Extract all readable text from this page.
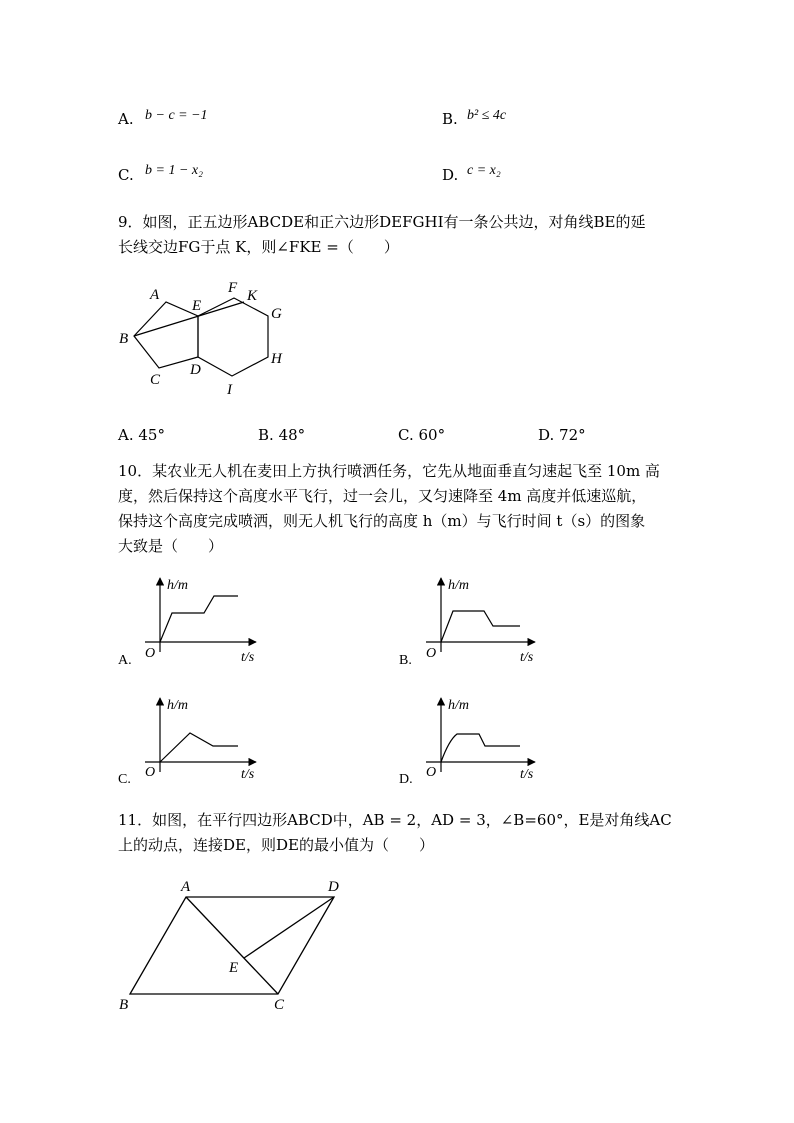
A. b − c = −1	B. b² ≤ 4c
C. b = 1 − x₂	D. c = x₂
9．如图，正五边形ABCDE和正六边形DEFGHI有一条公共边，对角线BE的延
长线交边FG于点 K，则∠FKE =（　　）
A
B
C
D
E
F
G
H
I
K
A. 45°	B. 48°	C. 60°	D. 72°
10．某农业无人机在麦田上方执行喷洒任务，它先从地面垂直匀速起飞至 10m 高
度，然后保持这个高度水平飞行，过一会儿，又匀速降至 4m 高度并低速巡航，
保持这个高度完成喷洒，则无人机飞行的高度 h（m）与飞行时间 t（s）的图象
大致是（　　）
h/m
t/s
O
A.
h/m
t/s
O
B.
h/m
t/s
O
C.
h/m
t/s
O
D.
11．如图，在平行四边形ABCD中，AB = 2，AD = 3，∠B=60°，E是对角线AC
上的动点，连接DE，则DE的最小值为（　　）
A
B	C
D
E
